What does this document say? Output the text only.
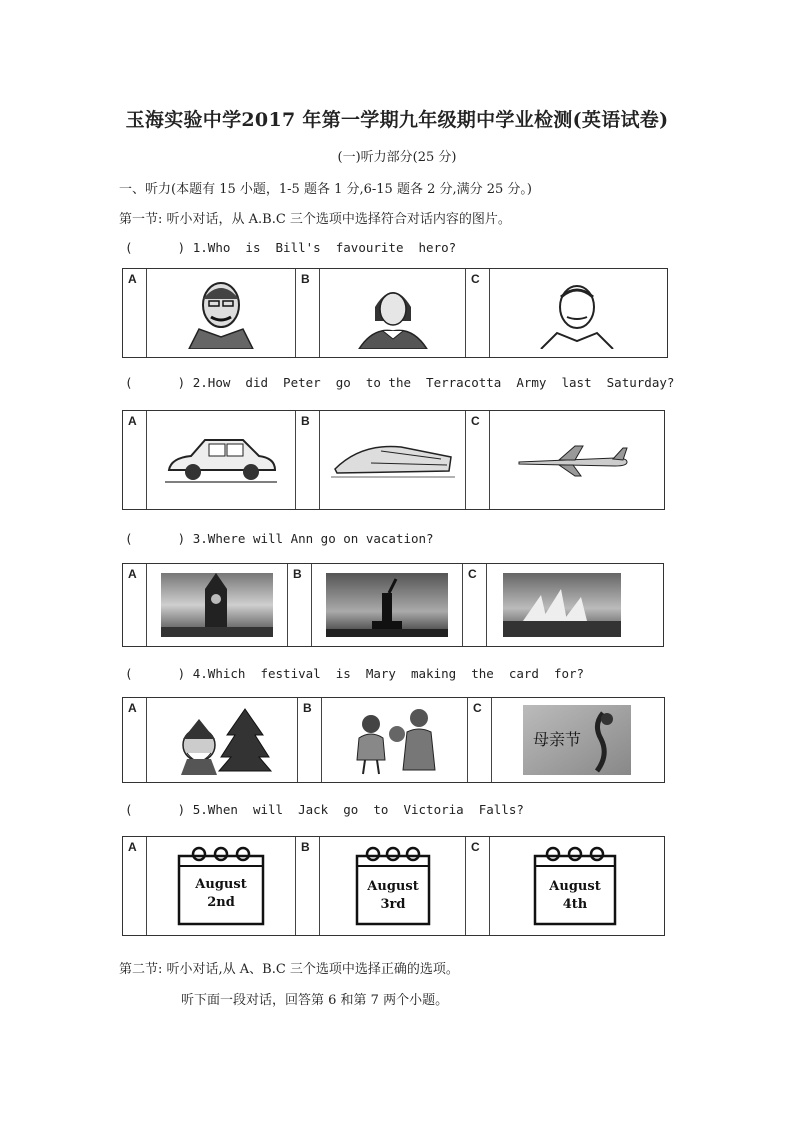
玉海实验中学2017 年第一学期九年级期中学业检测(英语试卷)
(一)听力部分(25 分)
一、听力(本题有 15 小题，1-5 题各 1 分,6-15 题各 2 分,满分 25 分。)
第一节: 听小对话，从 A.B.C 三个选项中选择符合对话内容的图片。
(      ) 1.Who  is  Bill's  favourite  hero?
A	B	C
(      ) 2.How  did  Peter  go  to the  Terracotta  Army  last  Saturday?
A	B	C
(      ) 3.Where will Ann go on vacation?
A	B	C
(      ) 4.Which  festival  is  Mary  making  the  card  for?
A	B	C
母亲节
(      ) 5.When  will  Jack  go  to  Victoria  Falls?
A
August
2nd
B
August
3rd
C
August
4th
第二节: 听小对话,从 A、B.C 三个选项中选择正确的选项。
听下面一段对话，回答第 6 和第 7 两个小题。
